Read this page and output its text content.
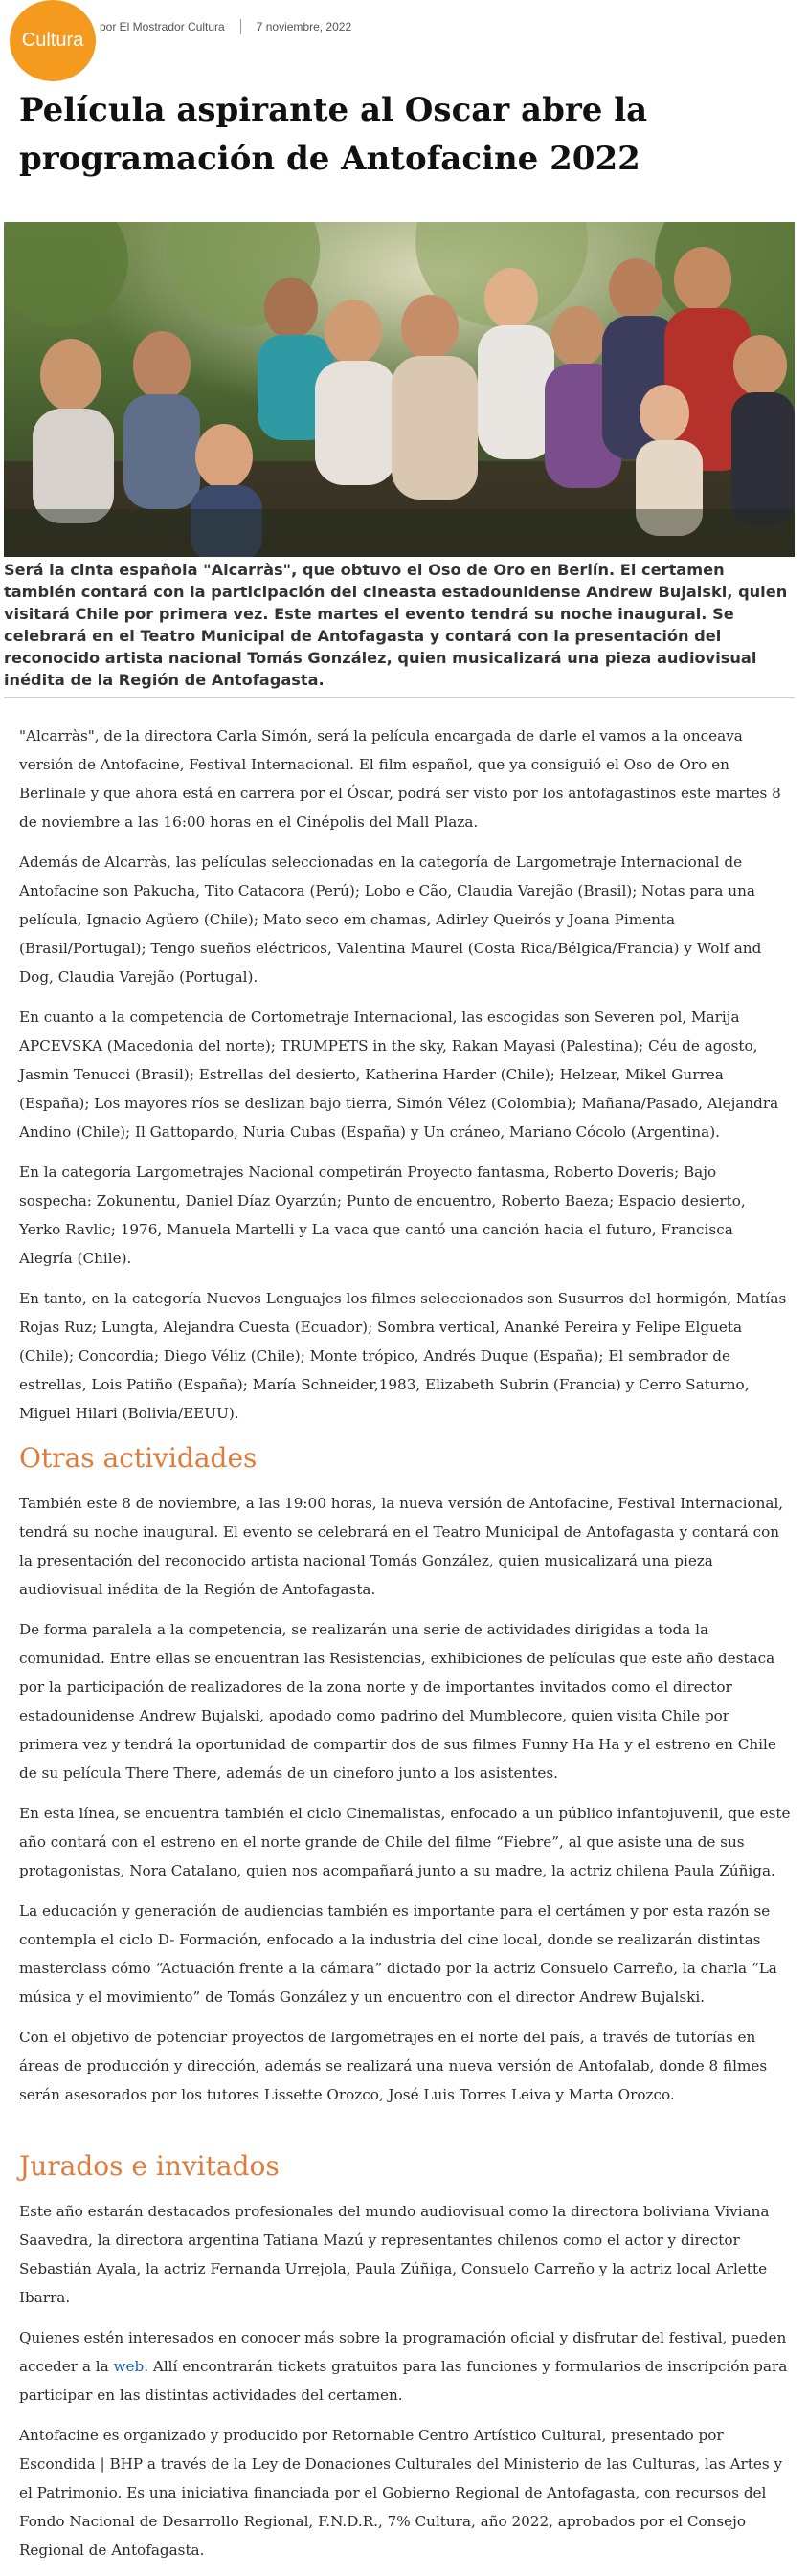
Cultura
por El Mostrador Cultura	7 noviembre, 2022
Película aspirante al Oscar abre la programación de Antofacine 2022

Será la cinta española "Alcarràs", que obtuvo el Oso de Oro en Berlín. El certamen también contará con la participación del cineasta estadounidense Andrew Bujalski, quien visitará Chile por primera vez. Este martes el evento tendrá su noche inaugural. Se celebrará en el Teatro Municipal de Antofagasta y contará con la presentación del reconocido artista nacional Tomás González, quien musicalizará una pieza audiovisual inédita de la Región de Antofagasta.

"Alcarràs", de la directora Carla Simón, será la película encargada de darle el vamos a la onceava versión de Antofacine, Festival Internacional. El film español, que ya consiguió el Oso de Oro en Berlinale y que ahora está en carrera por el Óscar, podrá ser visto por los antofagastinos este martes 8 de noviembre a las 16:00 horas en el Cinépolis del Mall Plaza.

Además de Alcarràs, las películas seleccionadas en la categoría de Largometraje Internacional de Antofacine son Pakucha, Tito Catacora (Perú); Lobo e Cão, Claudia Varejão (Brasil); Notas para una película, Ignacio Agüero (Chile); Mato seco em chamas, Adirley Queirós y Joana Pimenta (Brasil/Portugal); Tengo sueños eléctricos, Valentina Maurel (Costa Rica/Bélgica/Francia) y Wolf and Dog, Claudia Varejão (Portugal).

En cuanto a la competencia de Cortometraje Internacional, las escogidas son Severen pol, Marija APCEVSKA (Macedonia del norte); TRUMPETS in the sky, Rakan Mayasi (Palestina); Céu de agosto, Jasmin Tenucci (Brasil); Estrellas del desierto, Katherina Harder (Chile); Helzear, Mikel Gurrea (España); Los mayores ríos se deslizan bajo tierra, Simón Vélez (Colombia); Mañana/Pasado, Alejandra Andino (Chile); Il Gattopardo, Nuria Cubas (España) y Un cráneo, Mariano Cócolo (Argentina).

En la categoría Largometrajes Nacional competirán Proyecto fantasma, Roberto Doveris; Bajo sospecha: Zokunentu, Daniel Díaz Oyarzún; Punto de encuentro, Roberto Baeza; Espacio desierto, Yerko Ravlic; 1976, Manuela Martelli y La vaca que cantó una canción hacia el futuro, Francisca Alegría (Chile).

En tanto, en la categoría Nuevos Lenguajes los filmes seleccionados son Susurros del hormigón, Matías Rojas Ruz; Lungta, Alejandra Cuesta (Ecuador); Sombra vertical, Ananké Pereira y Felipe Elgueta (Chile); Concordia; Diego Véliz (Chile); Monte trópico, Andrés Duque (España); El sembrador de estrellas, Lois Patiño (España); María Schneider,1983, Elizabeth Subrin (Francia) y Cerro Saturno, Miguel Hilari (Bolivia/EEUU).

Otras actividades

También este 8 de noviembre, a las 19:00 horas, la nueva versión de Antofacine, Festival Internacional, tendrá su noche inaugural. El evento se celebrará en el Teatro Municipal de Antofagasta y contará con la presentación del reconocido artista nacional Tomás González, quien musicalizará una pieza audiovisual inédita de la Región de Antofagasta.

De forma paralela a la competencia, se realizarán una serie de actividades dirigidas a toda la comunidad. Entre ellas se encuentran las Resistencias, exhibiciones de películas que este año destaca por la participación de realizadores de la zona norte y de importantes invitados como el director estadounidense Andrew Bujalski, apodado como padrino del Mumblecore, quien visita Chile por primera vez y tendrá la oportunidad de compartir dos de sus filmes Funny Ha Ha y el estreno en Chile de su película There There, además de un cineforo junto a los asistentes.

En esta línea, se encuentra también el ciclo Cinemalistas, enfocado a un público infantojuvenil, que este año contará con el estreno en el norte grande de Chile del filme “Fiebre”, al que asiste una de sus protagonistas, Nora Catalano, quien nos acompañará junto a su madre, la actriz chilena Paula Zúñiga.

La educación y generación de audiencias también es importante para el certámen y por esta razón se contempla el ciclo D- Formación, enfocado a la industria del cine local, donde se realizarán distintas masterclass cómo “Actuación frente a la cámara” dictado por la actriz Consuelo Carreño, la charla “La música y el movimiento” de Tomás González y un encuentro con el director Andrew Bujalski.

Con el objetivo de potenciar proyectos de largometrajes en el norte del país, a través de tutorías en áreas de producción y dirección, además se realizará una nueva versión de Antofalab, donde 8 filmes serán asesorados por los tutores Lissette Orozco, José Luis Torres Leiva y Marta Orozco.

Jurados e invitados

Este año estarán destacados profesionales del mundo audiovisual como la directora boliviana Viviana Saavedra, la directora argentina Tatiana Mazú y representantes chilenos como el actor y director Sebastián Ayala, la actriz Fernanda Urrejola, Paula Zúñiga, Consuelo Carreño y la actriz local Arlette Ibarra.

Quienes estén interesados en conocer más sobre la programación oficial y disfrutar del festival, pueden acceder a la web. Allí encontrarán tickets gratuitos para las funciones y formularios de inscripción para participar en las distintas actividades del certamen.

Antofacine es organizado y producido por Retornable Centro Artístico Cultural, presentado por Escondida | BHP a través de la Ley de Donaciones Culturales del Ministerio de las Culturas, las Artes y el Patrimonio. Es una iniciativa financiada por el Gobierno Regional de Antofagasta, con recursos del Fondo Nacional de Desarrollo Regional, F.N.D.R., 7% Cultura, año 2022, aprobados por el Consejo Regional de Antofagasta.
